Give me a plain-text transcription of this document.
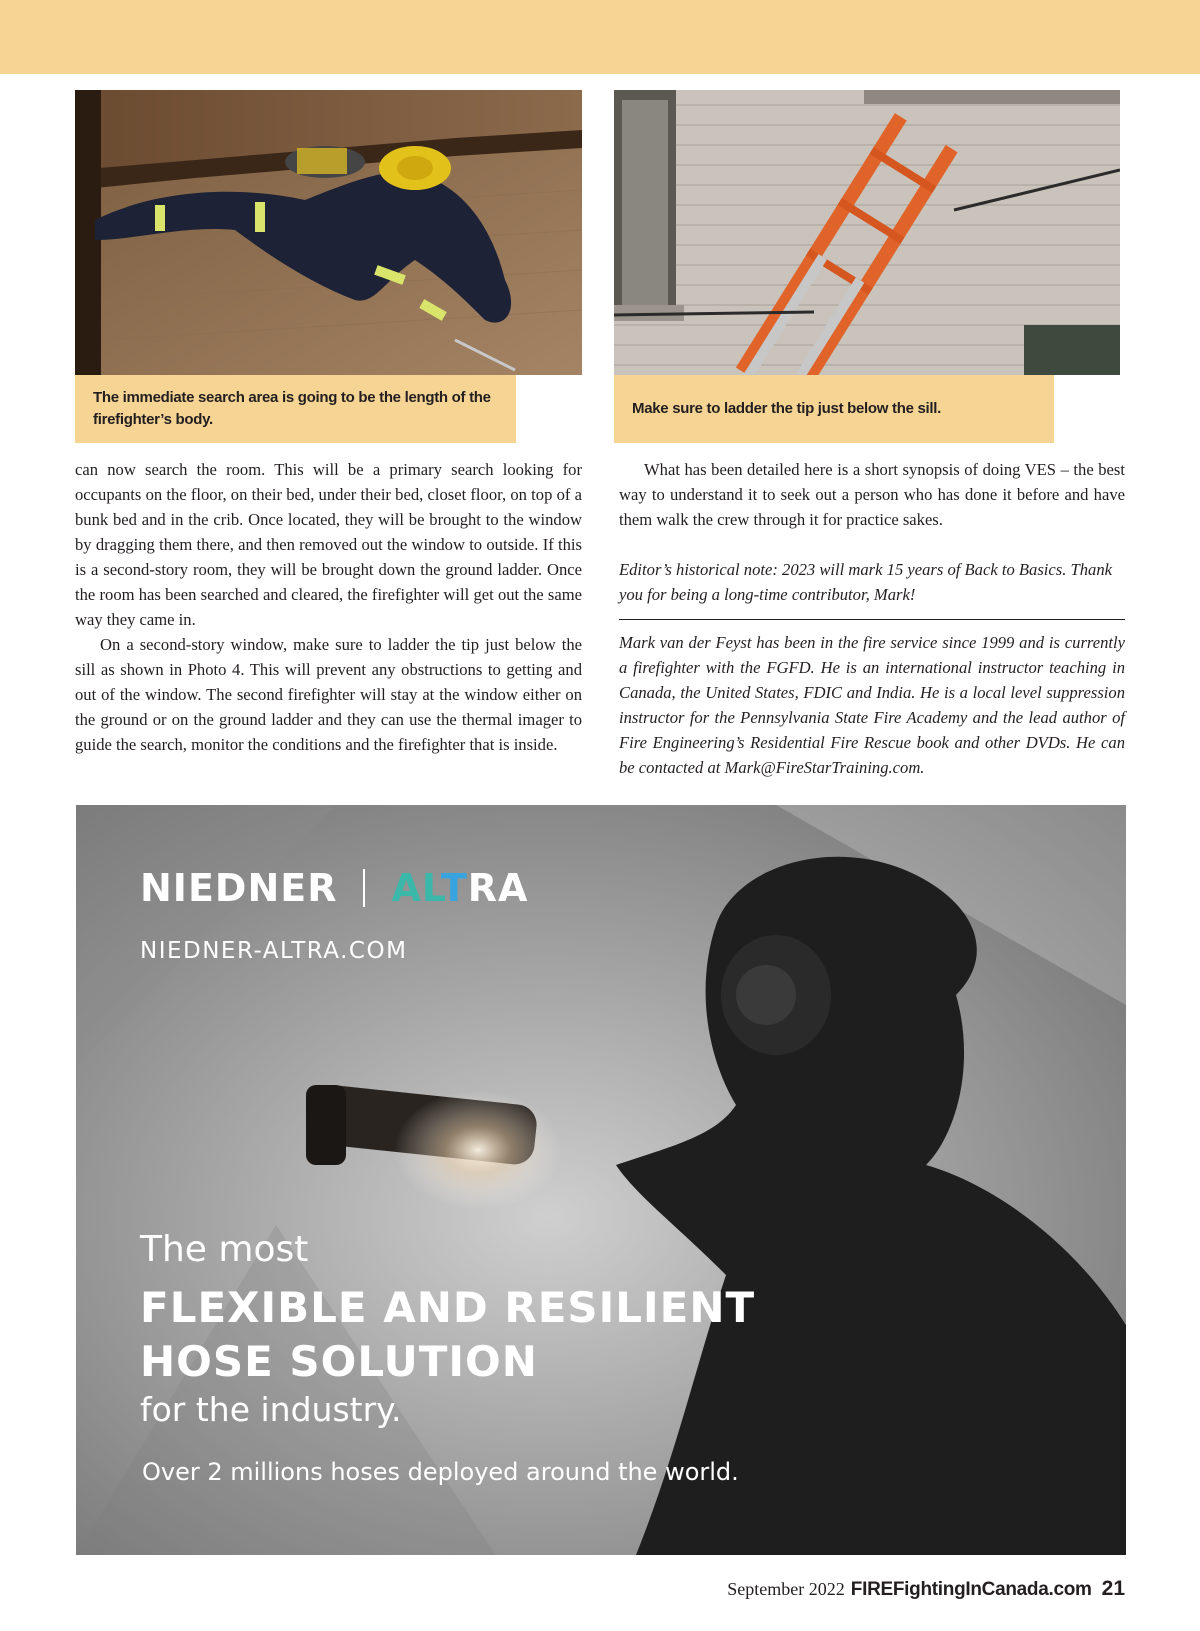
The immediate search area is going to be the length of the firefighter’s body.
Make sure to ladder the tip just below the sill.

can now search the room. This will be a primary search looking for occupants on the floor, on their bed, under their bed, closet floor, on top of a bunk bed and in the crib. Once located, they will be brought to the window by dragging them there, and then removed out the window to outside. If this is a second-story room, they will be brought down the ground ladder. Once the room has been searched and cleared, the firefighter will get out the same way they came in.

On a second-story window, make sure to ladder the tip just below the sill as shown in Photo 4. This will prevent any obstructions to getting and out of the window. The second firefighter will stay at the window either on the ground or on the ground ladder and they can use the thermal imager to guide the search, monitor the conditions and the firefighter that is inside.

What has been detailed here is a short synopsis of doing VES – the best way to understand it to seek out a person who has done it before and have them walk the crew through it for practice sakes.

Editor’s historical note: 2023 will mark 15 years of Back to Basics. Thank you for being a long-time contributor, Mark!

Mark van der Feyst has been in the fire service since 1999 and is currently a firefighter with the FGFD. He is an international instructor teaching in Canada, the United States, FDIC and India. He is a local level suppression instructor for the Pennsylvania State Fire Academy and the lead author of Fire Engineering’s Residential Fire Rescue book and other DVDs. He can be contacted at Mark@FireStarTraining.com.

NIEDNER ALTRA
NIEDNER-ALTRA.COM
The most
FLEXIBLE AND RESILIENT
HOSE SOLUTION
for the industry.
Over 2 millions hoses deployed around the world.
September 2022 FIREFightingInCanada.com 21
